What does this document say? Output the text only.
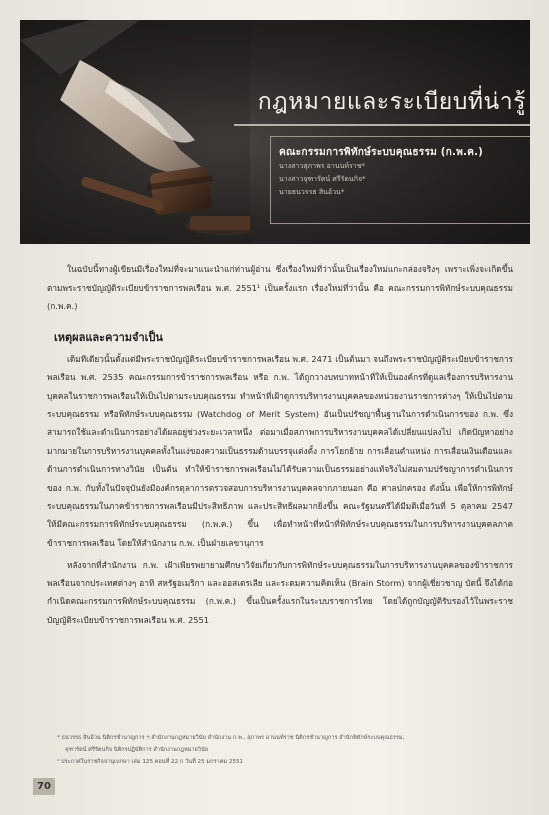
กฎหมายและระเบียบที่น่ารู้
คณะกรรมการพิทักษ์ระบบคุณธรรม (ก.พ.ค.)
นางสาวสุภาพร อานนท์ราช*
นางสาวจุฑารัตน์ ศรีรัตนกิจ*
นายธนวรรธ สินอ้วน*

ในฉบับนี้ทางผู้เขียนมีเรื่องใหม่ที่จะมาแนะนำแก่ท่านผู้อ่าน ซึ่งเรื่องใหม่ที่ว่านั้นเป็นเรื่องใหม่แกะกล่องจริงๆ เพราะเพิ่งจะเกิดขึ้นตามพระราชบัญญัติระเบียบข้าราชการพลเรือน พ.ศ. 2551¹ เป็นครั้งแรก เรื่องใหม่ที่ว่านั้น คือ คณะกรรมการพิทักษ์ระบบคุณธรรม (ก.พ.ค.)

เหตุผลและความจำเป็น

เดิมทีเดียวนั้นตั้งแต่มีพระราชบัญญัติระเบียบข้าราชการพลเรือน พ.ศ. 2471 เป็นต้นมา จนถึงพระราชบัญญัติระเบียบข้าราชการพลเรือน พ.ศ. 2535 คณะกรรมการข้าราชการพลเรือน หรือ ก.พ. ได้ถูกวางบทบาทหน้าที่ให้เป็นองค์กรที่ดูแลเรื่องการบริหารงานบุคคลในราชการพลเรือนให้เป็นไปตามระบบคุณธรรม ทำหน้าที่เฝ้าดูการบริหารงานบุคคลของหน่วยงานราชการต่างๆ ให้เป็นไปตามระบบคุณธรรม หรือพิทักษ์ระบบคุณธรรม (Watchdog of Merit System) อันเป็นปรัชญาพื้นฐานในการดำเนินการของ ก.พ. ซึ่งสามารถใช้และดำเนินการอย่างได้ผลอยู่ช่วงระยะเวลาหนึ่ง ต่อมาเมื่อสภาพการบริหารงานบุคคลได้เปลี่ยนแปลงไป เกิดปัญหาอย่างมากมายในการบริหารงานบุคคลทั้งในแง่ของความเป็นธรรมด้านบรรจุแต่งตั้ง การโยกย้าย การเลื่อนตำแหน่ง การเลื่อนเงินเดือนและด้านการดำเนินการทางวินัย เป็นต้น ทำให้ข้าราชการพลเรือนไม่ได้รับความเป็นธรรมอย่างแท้จริงไม่สมตามปรัชญาการดำเนินการของ ก.พ. กับทั้งในปัจจุบันยังมีองค์กรตุลาการตรวจสอบการบริหารงานบุคคลจากภายนอก คือ ศาลปกครอง ดังนั้น เพื่อให้การพิทักษ์ระบบคุณธรรมในภาคข้าราชการพลเรือนมีประสิทธิภาพ และประสิทธิผลมากยิ่งขึ้น คณะรัฐมนตรีได้มีมติเมื่อวันที่ 5 ตุลาคม 2547 ให้มีคณะกรรมการพิทักษ์ระบบคุณธรรม (ก.พ.ค.) ขึ้น เพื่อทำหน้าที่หน้าที่พิทักษ์ระบบคุณธรรมในการบริหารงานบุคคลภาคข้าราชการพลเรือน โดยให้สำนักงาน ก.พ. เป็นฝ่ายเลขานุการ

หลังจากที่สำนักงาน ก.พ. เฝ้าเพียรพยายามศึกษาวิจัยเกี่ยวกับการพิทักษ์ระบบคุณธรรมในการบริหารงานบุคคลของข้าราชการพลเรือนจากประเทศต่างๆ อาทิ สหรัฐอเมริกา และออสเตรเลีย และระดมความคิดเห็น (Brain Storm) จากผู้เชี่ยวชาญ บัดนี้ จึงได้ก่อกำเนิดคณะกรรมการพิทักษ์ระบบคุณธรรม (ก.พ.ค.) ขึ้นเป็นครั้งแรกในระบบราชการไทย โดยได้ถูกบัญญัติรับรองไว้ในพระราชบัญญัติระเบียบข้าราชการพลเรือน พ.ศ. 2551

* ธนวรรธ สินอ้วน นิติกรชำนาญการ ฯ สำนักงานกฎหมายวินัย สำนักงาน ก.พ., สุภาพร อานนท์ราช นิติกรชำนาญการ สำนักพิทักษ์ระบบคุณธรรม,
จุฑารัตน์ ศรีรัตนกิจ นิติกรปฏิบัติการ สำนักงานกฎหมายวินัย
¹ ประกาศในราชกิจจานุเบกษา เล่ม 125 ตอนที่ 22 ก วันที่ 25 มกราคม 2551
70
